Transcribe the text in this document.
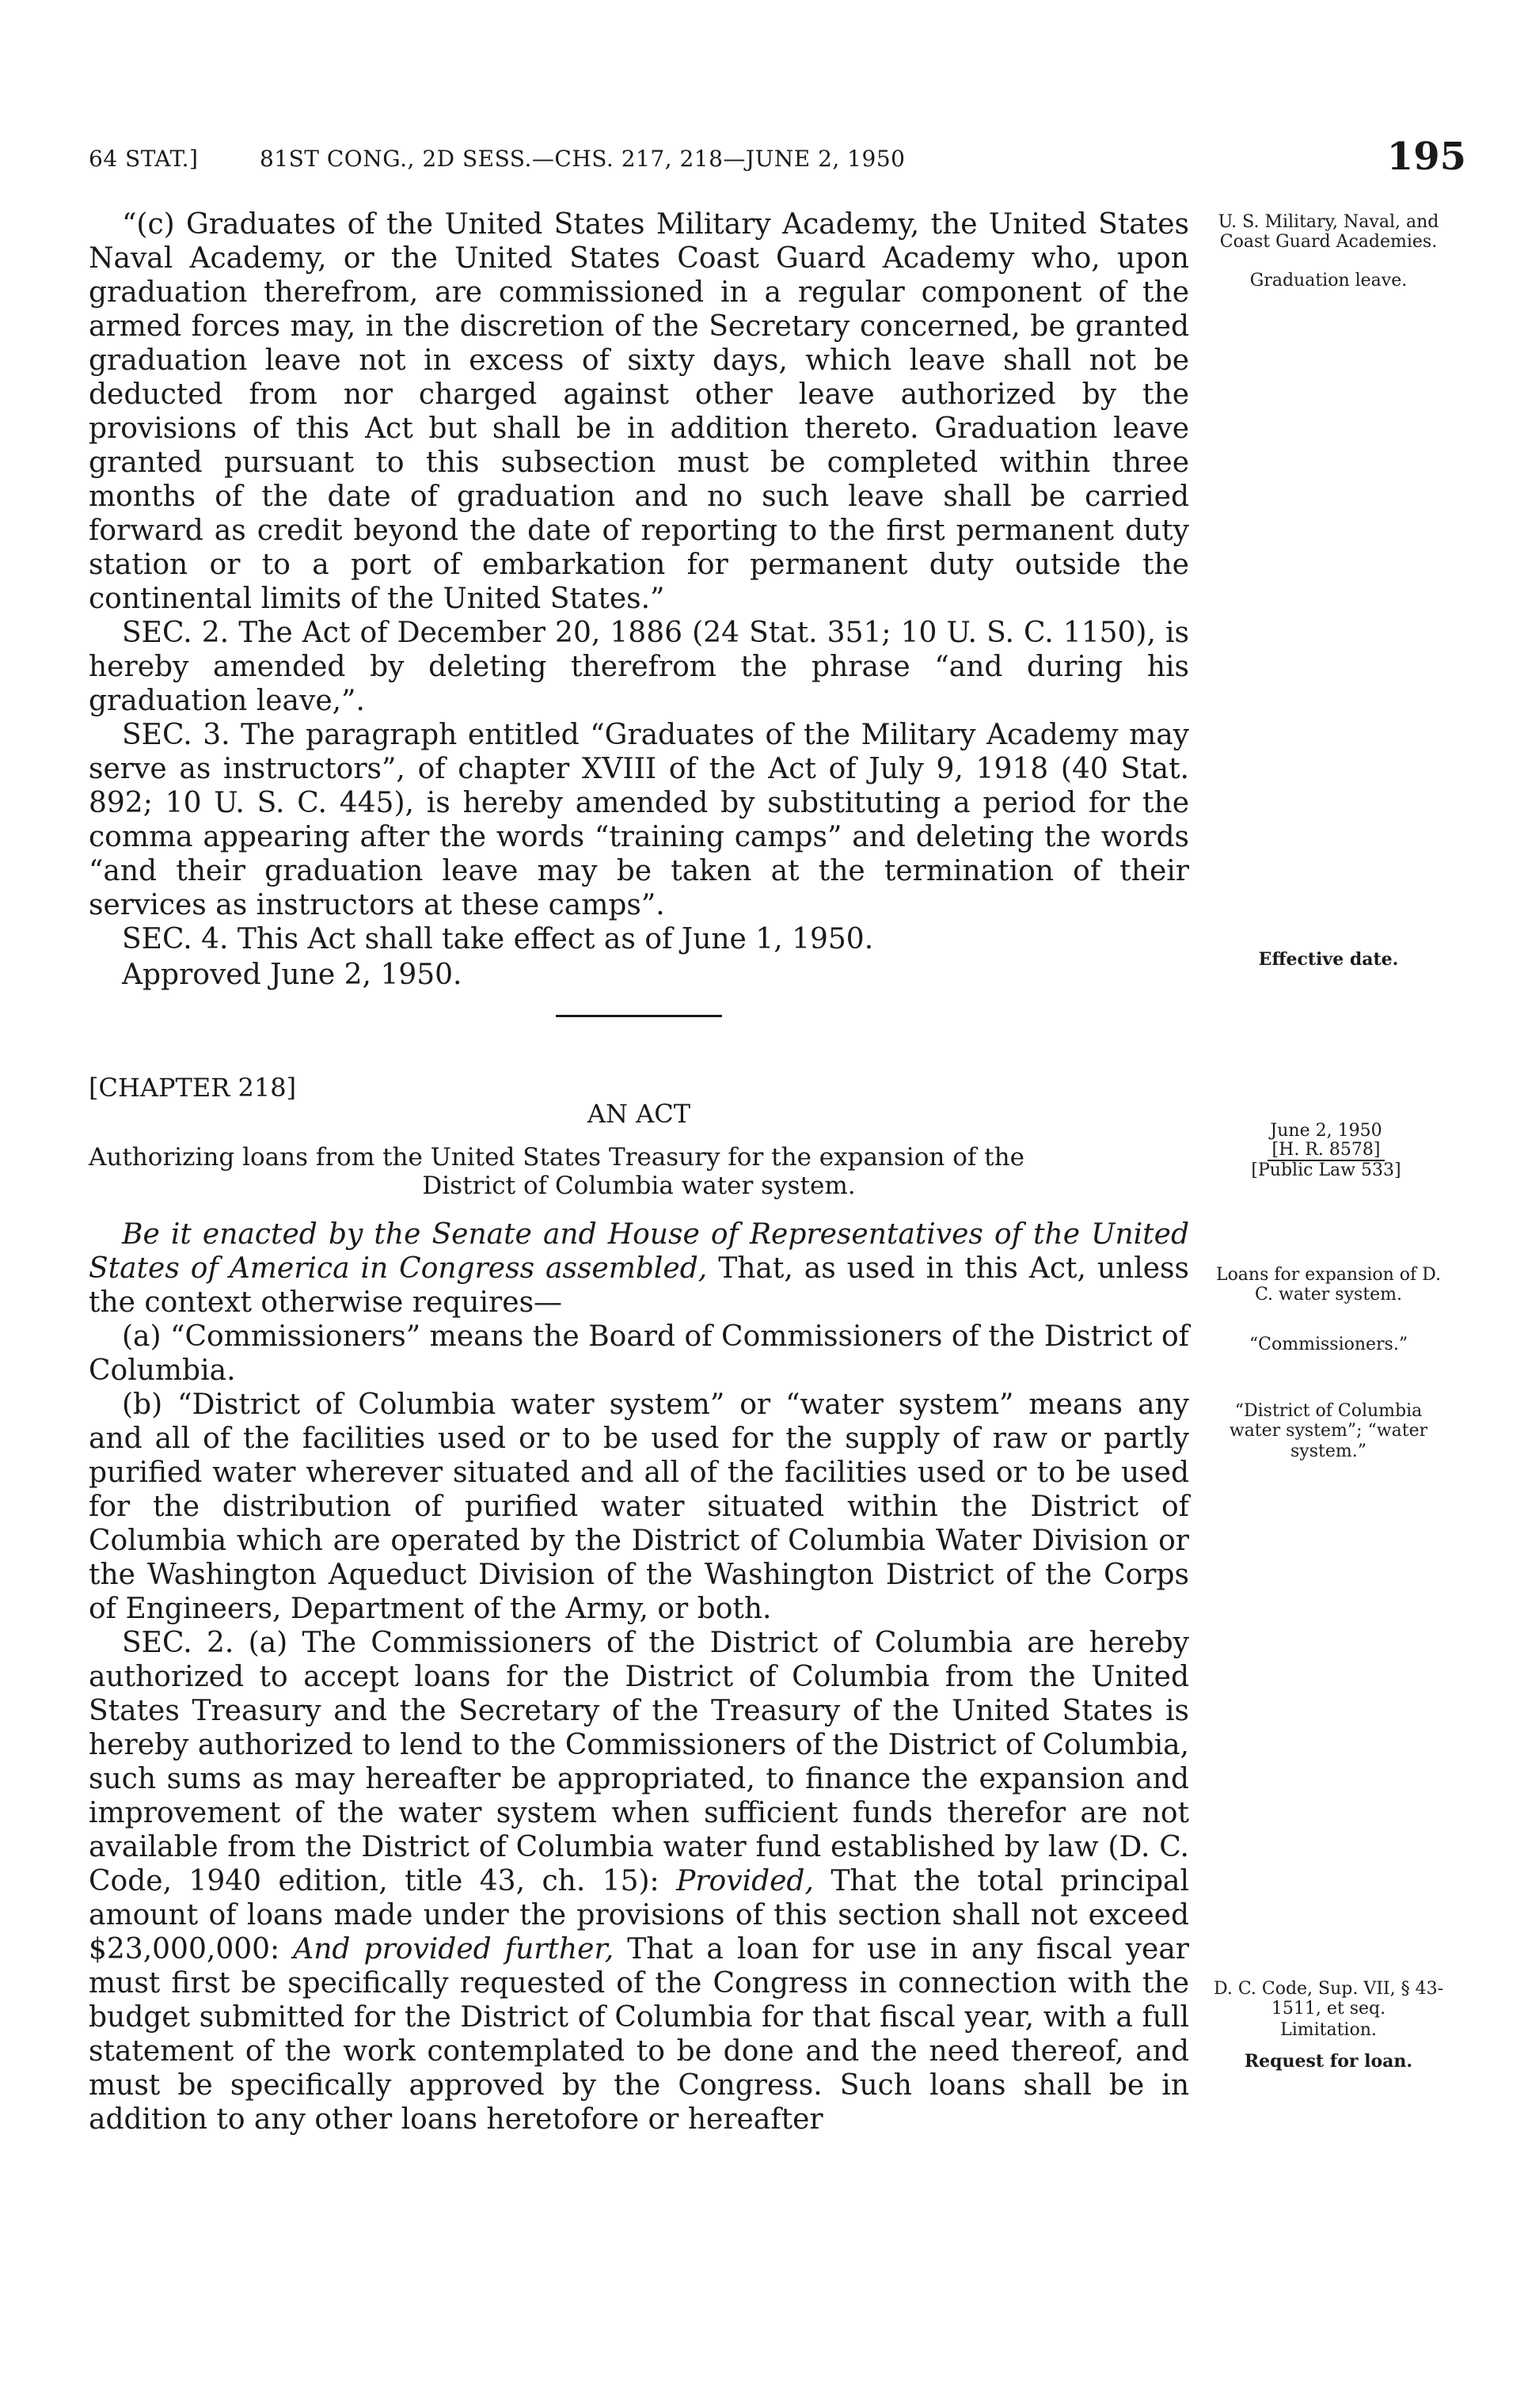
64 STAT.]	81ST CONG., 2D SESS.—CHS. 217, 218—JUNE 2, 1950	195

“(c) Graduates of the United States Military Academy, the United States Naval Academy, or the United States Coast Guard Academy who, upon graduation therefrom, are commissioned in a regular component of the armed forces may, in the discretion of the Secretary concerned, be granted graduation leave not in excess of sixty days, which leave shall not be deducted from nor charged against other leave authorized by the provisions of this Act but shall be in addition thereto. Graduation leave granted pursuant to this subsection must be completed within three months of the date of graduation and no such leave shall be carried forward as credit beyond the date of reporting to the first permanent duty station or to a port of embarkation for permanent duty outside the continental limits of the United States.”

SEC. 2. The Act of December 20, 1886 (24 Stat. 351; 10 U. S. C. 1150), is hereby amended by deleting therefrom the phrase “and during his graduation leave,”.

SEC. 3. The paragraph entitled “Graduates of the Military Academy may serve as instructors”, of chapter XVIII of the Act of July 9, 1918 (40 Stat. 892; 10 U. S. C. 445), is hereby amended by substituting a period for the comma appearing after the words “training camps” and deleting the words “and their graduation leave may be taken at the termination of their services as instructors at these camps”.

SEC. 4. This Act shall take effect as of June 1, 1950.

Approved June 2, 1950.

U. S. Military, Naval, and Coast Guard Academies.
Graduation leave.
Effective date.
[CHAPTER 218]
AN ACT
Authorizing loans from the United States Treasury for the expansion of the
District of Columbia water system.
June 2, 1950
[H. R. 8578]
[Public Law 533]

Be it enacted by the Senate and House of Representatives of the United States of America in Congress assembled, That, as used in this Act, unless the context otherwise requires—

(a) “Commissioners” means the Board of Commissioners of the District of Columbia.

(b) “District of Columbia water system” or “water system” means any and all of the facilities used or to be used for the supply of raw or partly purified water wherever situated and all of the facilities used or to be used for the distribution of purified water situated within the District of Columbia which are operated by the District of Columbia Water Division or the Washington Aqueduct Division of the Washington District of the Corps of Engineers, Department of the Army, or both.

SEC. 2. (a) The Commissioners of the District of Columbia are hereby authorized to accept loans for the District of Columbia from the United States Treasury and the Secretary of the Treasury of the United States is hereby authorized to lend to the Commissioners of the District of Columbia, such sums as may hereafter be appropriated, to finance the expansion and improvement of the water system when sufficient funds therefor are not available from the District of Columbia water fund established by law (D. C. Code, 1940 edition, title 43, ch. 15): Provided, That the total principal amount of loans made under the provisions of this section shall not exceed $23,000,000: And provided further, That a loan for use in any fiscal year must first be specifically requested of the Congress in connection with the budget submitted for the District of Columbia for that fiscal year, with a full statement of the work contemplated to be done and the need thereof, and must be specifically approved by the Congress. Such loans shall be in addition to any other loans heretofore or hereafter

Loans for expansion of D. C. water system.
“Commissioners.”
“District of Columbia water system”; “water system.”
D. C. Code, Sup. VII, § 43-1511, et seq.
Limitation.
Request for loan.
